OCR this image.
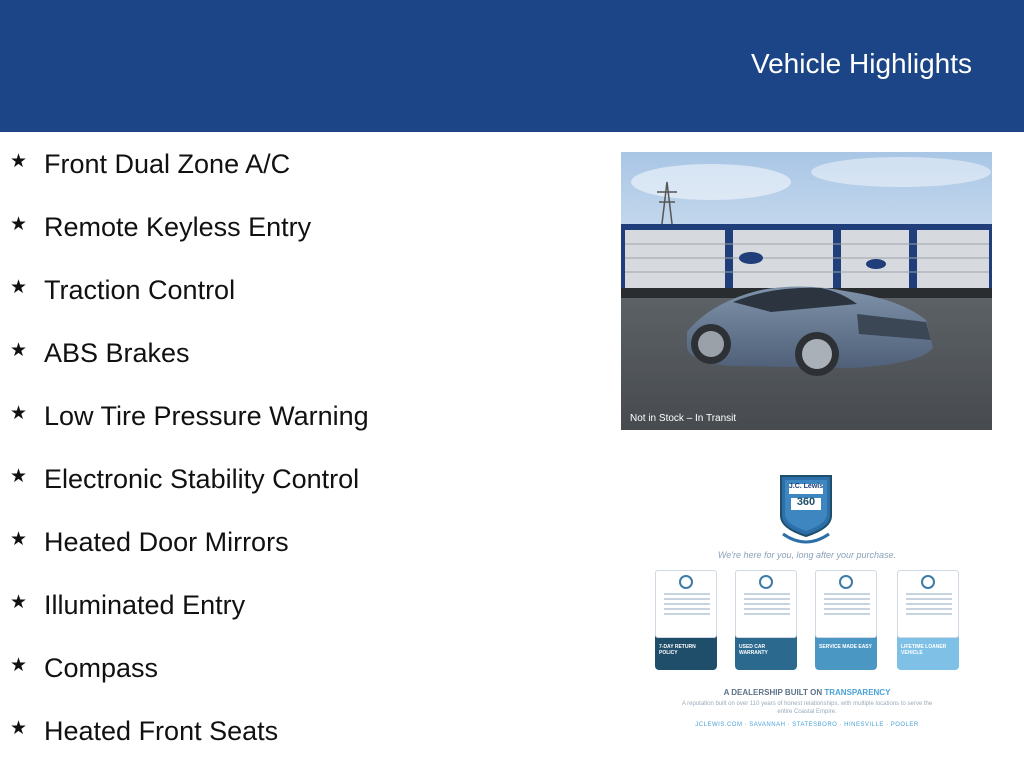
Vehicle Highlights
★ Front Dual Zone A/C
★ Remote Keyless Entry
★ Traction Control
★ ABS Brakes
★ Low Tire Pressure Warning
★ Electronic Stability Control
★ Heated Door Mirrors
★ Illuminated Entry
★ Compass
★ Heated Front Seats
Not in Stock – In Transit
J.C. Lewis
360
We're here for you, long after your purchase.
7-DAY RETURN POLICY
USED CAR WARRANTY
SERVICE MADE EASY	LIFETIME LOANER VEHICLE
A DEALERSHIP BUILT ON TRANSPARENCY
A reputation built on over 110 years of honest relationships, with multiple locations to serve the entire Coastal Empire.
JCLEWIS.COM · SAVANNAH · STATESBORO · HINESVILLE · POOLER
